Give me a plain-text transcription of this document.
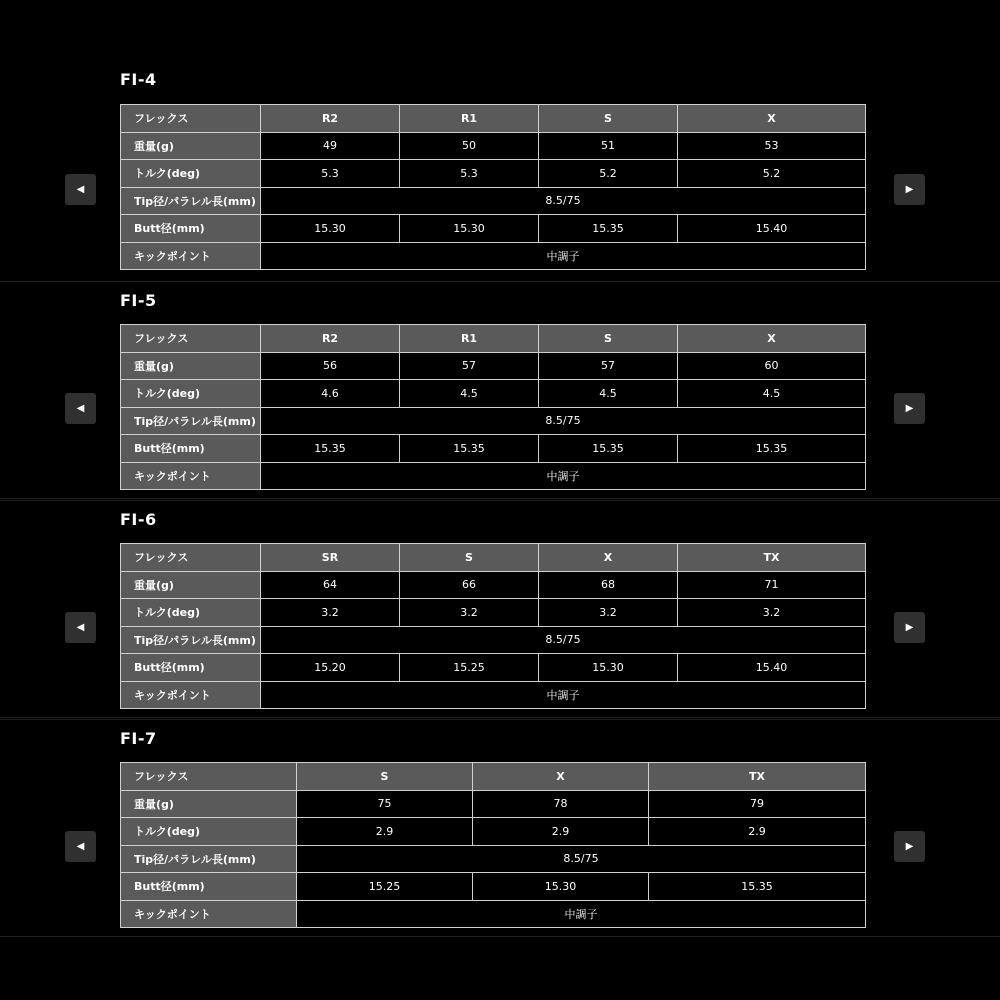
FI-4
フレックス	R2	R1	S	X
重量(g)	49	50	51	53
トルク(deg)	5.3	5.3	5.2	5.2
Tip径/パラレル長(mm)	8.5/75			
Butt径(mm)	15.30	15.30	15.35	15.40
キックポイント	中調子			
◀	▶
FI-5
フレックス	R2	R1	S	X
重量(g)	56	57	57	60
トルク(deg)	4.6	4.5	4.5	4.5
Tip径/パラレル長(mm)	8.5/75			
Butt径(mm)	15.35	15.35	15.35	15.35
キックポイント	中調子			
◀	▶
FI-6
フレックス	SR	S	X	TX
重量(g)	64	66	68	71
トルク(deg)	3.2	3.2	3.2	3.2
Tip径/パラレル長(mm)	8.5/75			
Butt径(mm)	15.20	15.25	15.30	15.40
キックポイント	中調子			
◀	▶
FI-7
フレックス	S	X	TX
重量(g)	75	78	79
トルク(deg)	2.9	2.9	2.9
Tip径/パラレル長(mm)	8.5/75		
Butt径(mm)	15.25	15.30	15.35
キックポイント	中調子		
◀	▶
